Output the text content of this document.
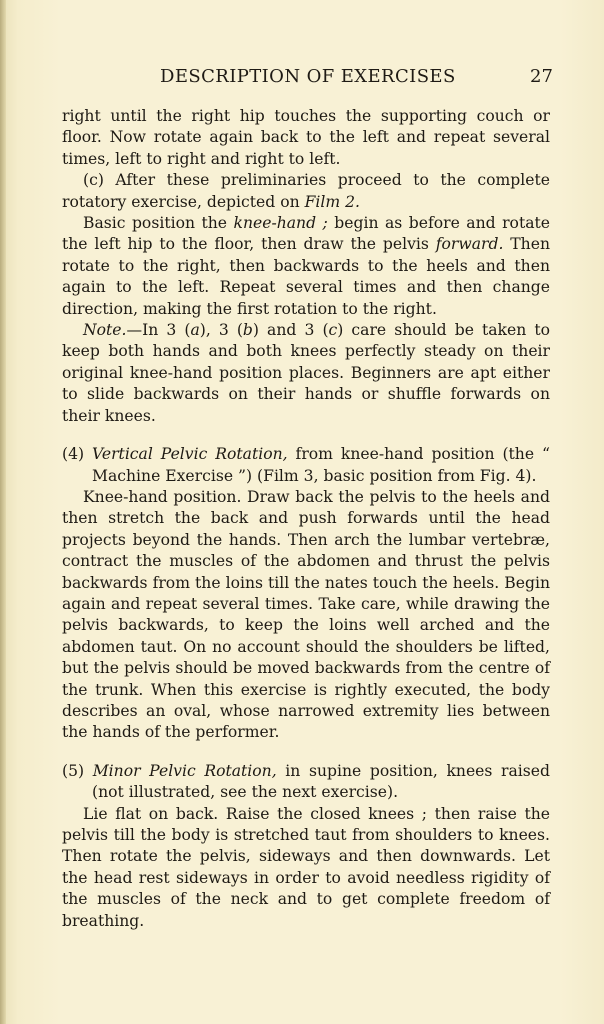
DESCRIPTION OF EXERCISES	27

right until the right hip touches the supporting couch or floor. Now rotate again back to the left and repeat several times, left to right and right to left.

(c) After these preliminaries proceed to the complete rotatory exercise, depicted on Film 2.

Basic position the knee-hand ; begin as before and rotate the left hip to the floor, then draw the pelvis forward. Then rotate to the right, then backwards to the heels and then again to the left. Repeat several times and then change direction, making the first rotation to the right.

Note.—In 3 (a), 3 (b) and 3 (c) care should be taken to keep both hands and both knees perfectly steady on their original knee-hand position places. Beginners are apt either to slide backwards on their hands or shuffle forwards on their knees.

(4) Vertical Pelvic Rotation, from knee-hand position (the “ Machine Exercise ”) (Film 3, basic position from Fig. 4).

Knee-hand position. Draw back the pelvis to the heels and then stretch the back and push forwards until the head projects beyond the hands. Then arch the lumbar vertebræ, contract the muscles of the abdomen and thrust the pelvis backwards from the loins till the nates touch the heels. Begin again and repeat several times. Take care, while drawing the pelvis backwards, to keep the loins well arched and the abdomen taut. On no account should the shoulders be lifted, but the pelvis should be moved backwards from the centre of the trunk. When this exercise is rightly executed, the body describes an oval, whose narrowed extremity lies between the hands of the performer.

(5) Minor Pelvic Rotation, in supine position, knees raised (not illustrated, see the next exercise).

Lie flat on back. Raise the closed knees ; then raise the pelvis till the body is stretched taut from shoulders to knees. Then rotate the pelvis, sideways and then downwards. Let the head rest sideways in order to avoid needless rigidity of the muscles of the neck and to get complete freedom of breathing.
